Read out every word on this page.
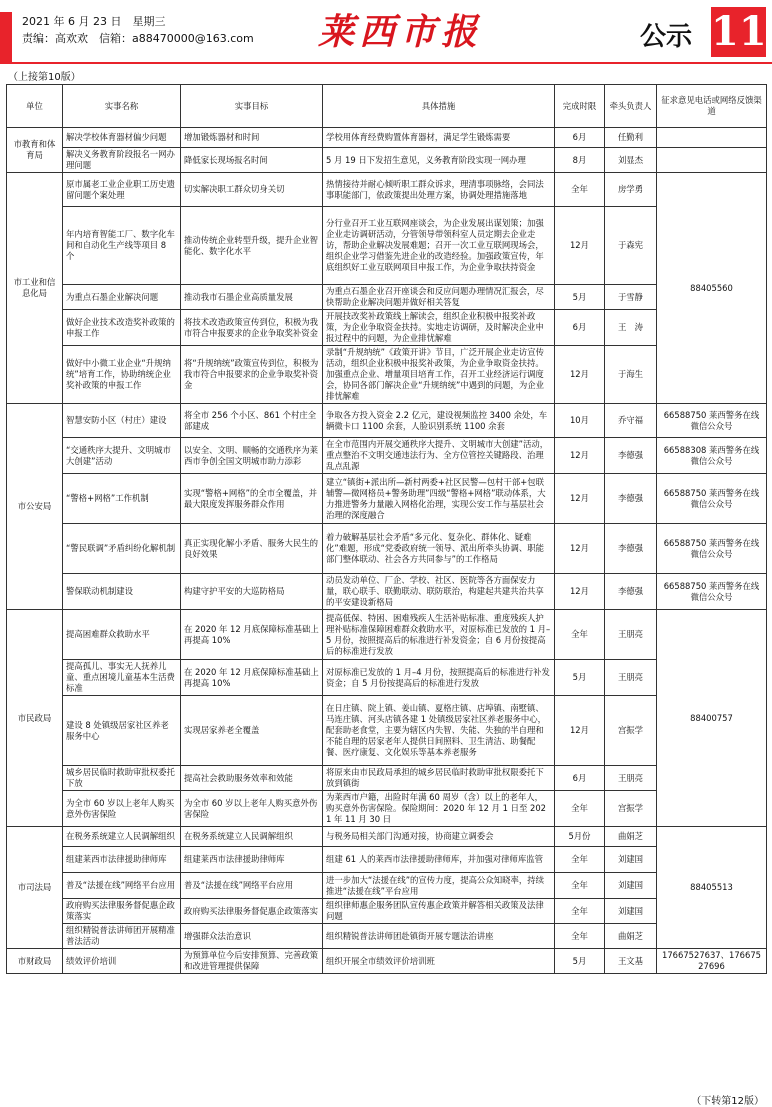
2021 年 6 月 23 日　星期三
责编：高欢欢　信箱：a88470000@163.com 莱西市报	公示 11
（上接第10版）
单位	实事名称	实事目标	具体措施	完成时限	牵头负责人	征求意见电话或网络反馈渠道
市教育和体育局	解决学校体育器材偏少问题	增加锻炼器材和时间	学校用体育经费购置体育器材，满足学生锻炼需要	6月	任勤利	
	解决义务教育阶段报名一网办理问题	降低家长现场报名时间	5 月 19 日下发招生意见，义务教育阶段实现一网办理	8月	刘显杰	
市工业和信息化局	原市属老工业企业职工历史遗留问题个案处理	切实解决职工群众切身关切	热情接待并耐心倾听职工群众诉求，理清事项脉络，会同法事职能部门，依政策提出处理方案，协调处理措施落地	全年	房学勇	88405560
	年内培育智能工厂、数字化车间和自动化生产线等项目 8 个	推动传统企业转型升级，提升企业智能化、数字化水平	分行业召开工业互联网座谈会，为企业发展出谋划策；加强企业走访调研活动，分管领导带领科室人员定期去企业走访，帮助企业解决发展难题；召开一次工业互联网现场会，组织企业学习借鉴先进企业的改造经验。加强政策宣传，年底组织好工业互联网项目申报工作，为企业争取扶持资金	12月	于森宪	
	为重点石墨企业解决问题	推动我市石墨企业高质量发展	为重点石墨企业召开座谈会和反应问题办理情况汇报会，尽快帮助企业解决问题并做好相关答复	5月	于雪静	
	做好企业技术改造奖补政策的申报工作	将技术改造政策宣传到位，积极为我市符合申报要求的企业争取奖补资金	开展技改奖补政策线上解读会，组织企业积极申报奖补政策，为企业争取资金扶持。实地走访调研，及时解决企业申报过程中的问题，为企业排忧解难	6月	王　涛	
	做好中小微工业企业“升规纳统”培育工作，协助纳统企业奖补政策的申报工作	将“升规纳统”政策宣传到位，积极为我市符合申报要求的企业争取奖补资金	录制“升规纳统”《政策开讲》节目，广泛开展企业走访宣传活动，组织企业积极申报奖补政策，为企业争取资金扶持。加强重点企业、增量项目培育工作，召开工业经济运行调度会，协同各部门解决企业“升规纳统”中遇到的问题，为企业排忧解难	12月	于海生	
市公安局	智慧安防小区（村庄）建设	将全市 256 个小区、861 个村庄全部建成	争取各方投入资金 2.2 亿元，建设视频监控 3400 余处，车辆微卡口 1100 余套，人脸识别系统 1100 余套	10月	乔守福	66588750 莱西警务在线微信公众号
	“交通秩序大提升、文明城市大创建”活动	以安全、文明、顺畅的交通秩序为莱西市争创全国文明城市助力添彩	在全市范围内开展交通秩序大提升、文明城市大创建”活动，重点整治不文明交通违法行为、全方位管控关键路段、治理乱点乱源	12月	李德强	66588308 莱西警务在线微信公众号
	“警格+网格”工作机制	实现“警格+网格”的全市全覆盖，并最大限度发挥服务群众作用	建立“镇街+派出所—新村两委+社区民警—包村干部+包联辅警—微网格员+警务助理”四级“警格+网格”联动体系，大力推进警务力量融入网格化治理，实现公安工作与基层社会治理的深度融合	12月	李德强	66588750 莱西警务在线微信公众号
	“警民联调”矛盾纠纷化解机制	真正实现化解小矛盾、服务大民生的良好效果	着力破解基层社会矛盾“多元化、复杂化、群体化、疑难化”难题，形成“党委政府统一领导、派出所牵头协调、职能部门整体联动、社会各方共同参与”的工作格局	12月	李德强	66588750 莱西警务在线微信公众号
	警保联动机制建设	构建守护平安的大巡防格局	动员发动单位、厂企、学校、社区、医院等各方面保安力量，联心联手、联勤联动、联防联治，构建起共建共治共享的平安建设新格局	12月	李德强	66588750 莱西警务在线微信公众号
市民政局	提高困难群众救助水平	在 2020 年 12 月底保障标准基础上再提高 10%	提高低保、特困、困难残疾人生活补贴标准、重度残疾人护理补贴标准保障困难群众救助水平，对原标准已发放的 1 月–5 月份，按照提高后的标准进行补发资金；自 6 月份按提高后的标准进行发放	全年	王朋亮	88400757
	提高孤儿、事实无人抚养儿童、重点困境儿童基本生活费标准	在 2020 年 12 月底保障标准基础上再提高 10%	对原标准已发放的 1 月–4 月份，按照提高后的标准进行补发资金；自 5 月份按提高后的标准进行发放	5月	王朋亮	
	建设 8 处镇级居家社区养老服务中心	实现居家养老全覆盖	在日庄镇、院上镇、姜山镇、夏格庄镇、店埠镇、南墅镇、马连庄镇、河头店镇各建 1 处镇级居家社区养老服务中心，配套助老食堂，主要为辖区内失智、失能、失独的半自理和不能自理的居家老年人提供日间照料、卫生清洁、助餐配餐、医疗康复、文化娱乐等基本养老服务	12月	宫振学	
	城乡居民临时救助审批权委托下放	提高社会救助服务效率和效能	将原来由市民政局承担的城乡居民临时救助审批权限委托下放到镇街	6月	王朋亮	
	为全市 60 岁以上老年人购买意外伤害保险	为全市 60 岁以上老年人购买意外伤害保险	为莱西市户籍，出险时年满 60 周岁（含）以上的老年人，购买意外伤害保险。保险期间：2020 年 12 月 1 日至 2021 年 11 月 30 日	全年	宫振学	
市司法局	在税务系统建立人民调解组织	在税务系统建立人民调解组织	与税务局相关部门沟通对接，协商建立调委会	5月份	曲娟芝	88405513
	组建莱西市法律援助律师库	组建莱西市法律援助律师库	组建 61 人的莱西市法律援助律师库，并加强对律师库监管	全年	刘建国	
	普及“法援在线”网络平台应用	普及“法援在线”网络平台应用	进一步加大“法援在线”的宣传力度，提高公众知晓率，持续推进“法援在线”平台应用	全年	刘建国	
	政府购买法律服务督促惠企政策落实	政府购买法律服务督促惠企政策落实	组织律师惠企服务团队宣传惠企政策并解答相关政策及法律问题	全年	刘建国	
	组织精锐普法讲师团开展精准普法活动	增强群众法治意识	组织精锐普法讲师团赴镇街开展专题法治讲座	全年	曲娟芝	
市财政局	绩效评价培训	为预算单位今后安排预算、完善政策和改进管理提供保障	组织开展全市绩效评价培训班	5月	王文基	17667527637、17667527696
（下转第12版）
